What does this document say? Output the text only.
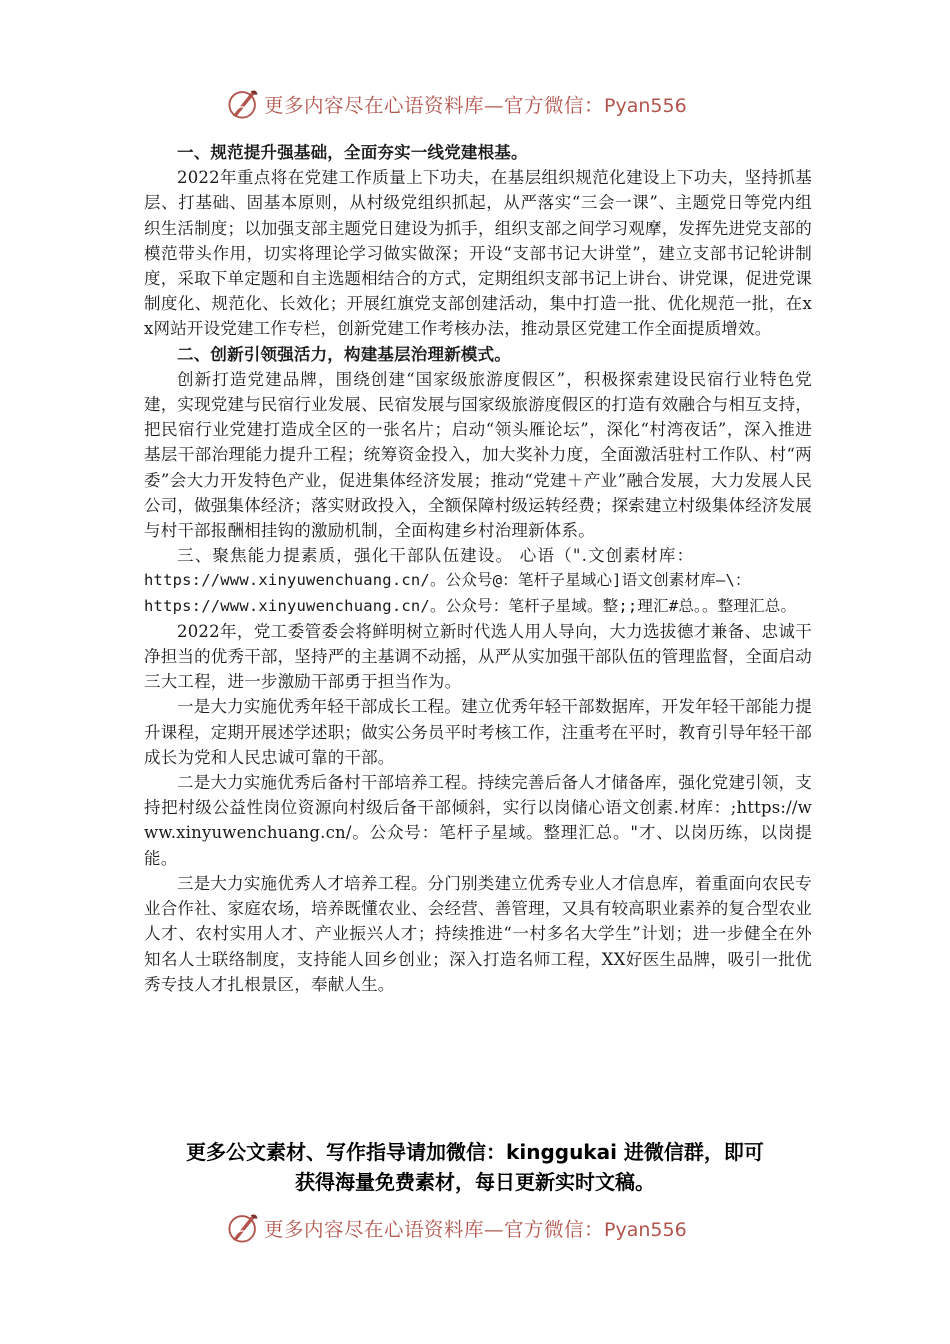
更多内容尽在心语资料库—官方微信：Pyan556

一、规范提升强基础，全面夯实一线党建根基。

2022年重点将在党建工作质量上下功夫，在基层组织规范化建设上下功夫，坚持抓基层、打基础、固基本原则，从村级党组织抓起，从严落实“三会一课”、主题党日等党内组织生活制度；以加强支部主题党日建设为抓手，组织支部之间学习观摩，发挥先进党支部的模范带头作用，切实将理论学习做实做深；开设“支部书记大讲堂”，建立支部书记轮讲制度，采取下单定题和自主选题相结合的方式，定期组织支部书记上讲台、讲党课，促进党课制度化、规范化、长效化；开展红旗党支部创建活动，集中打造一批、优化规范一批，在xx网站开设党建工作专栏，创新党建工作考核办法，推动景区党建工作全面提质增效。

二、创新引领强活力，构建基层治理新模式。

创新打造党建品牌，围绕创建“国家级旅游度假区”，积极探索建设民宿行业特色党建，实现党建与民宿行业发展、民宿发展与国家级旅游度假区的打造有效融合与相互支持，把民宿行业党建打造成全区的一张名片；启动“领头雁论坛”，深化“村湾夜话”，深入推进基层干部治理能力提升工程；统筹资金投入，加大奖补力度，全面激活驻村工作队、村“两委”会大力开发特色产业，促进集体经济发展；推动“党建＋产业”融合发展，大力发展人民公司，做强集体经济；落实财政投入，全额保障村级运转经费；探索建立村级集体经济发展与村干部报酬相挂钩的激励机制，全面构建乡村治理新体系。

三、聚焦能力提素质，强化干部队伍建设。 心语（".文创素材库：

https://www.xinyuwenchuang.cn/。公众号@：笔杆子星域心]语文创素材库—\：

https://www.xinyuwenchuang.cn/。公众号：笔杆子星域。整;;理汇#总。。整理汇总。

2022年，党工委管委会将鲜明树立新时代选人用人导向，大力选拔德才兼备、忠诚干净担当的优秀干部，坚持严的主基调不动摇，从严从实加强干部队伍的管理监督，全面启动三大工程，进一步激励干部勇于担当作为。

一是大力实施优秀年轻干部成长工程。建立优秀年轻干部数据库，开发年轻干部能力提升课程，定期开展述学述职；做实公务员平时考核工作，注重考在平时，教育引导年轻干部成长为党和人民忠诚可靠的干部。

二是大力实施优秀后备村干部培养工程。持续完善后备人才储备库，强化党建引领，支持把村级公益性岗位资源向村级后备干部倾斜，实行以岗储心语文创素.材库：;https://www.xinyuwenchuang.cn/。公众号：笔杆子星域。整理汇总。"才、以岗历练，以岗提能。

三是大力实施优秀人才培养工程。分门别类建立优秀专业人才信息库，着重面向农民专业合作社、家庭农场，培养既懂农业、会经营、善管理，又具有较高职业素养的复合型农业人才、农村实用人才、产业振兴人才；持续推进“一村多名大学生”计划；进一步健全在外知名人士联络制度，支持能人回乡创业；深入打造名师工程，XX好医生品牌，吸引一批优秀专技人才扎根景区，奉献人生。

更多公文素材、写作指导请加微信：kinggukai 进微信群，即可
获得海量免费素材，每日更新实时文稿。
更多内容尽在心语资料库—官方微信：Pyan556
